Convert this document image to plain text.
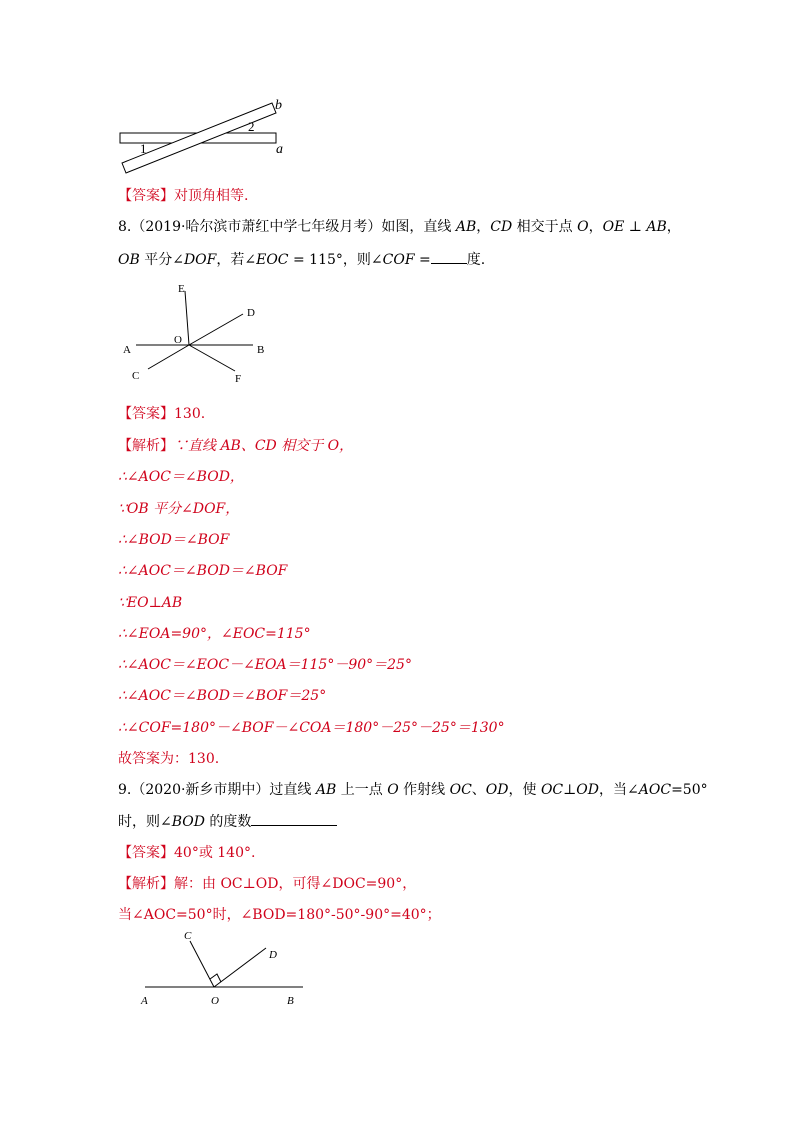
b
a
1
2
【答案】对顶角相等.
8.（2019·哈尔滨市萧红中学七年级月考）如图，直线 AB，CD 相交于点 O，OE ⊥ AB，
OB 平分∠DOF，若∠EOC = 115°，则∠COF =	度.
E
D
O
A	B
C	F
【答案】130.
【解析】∵直线 AB、CD 相交于 O，
∴∠AOC＝∠BOD，
∵OB 平分∠DOF，
∴∠BOD＝∠BOF
∴∠AOC＝∠BOD＝∠BOF
∵EO⊥AB
∴∠EOA=90°，∠EOC=115°
∴∠AOC＝∠EOC－∠EOA＝115°－90°＝25°
∴∠AOC＝∠BOD＝∠BOF＝25°
∴∠COF=180°－∠BOF－∠COA＝180°－25°－25°＝130°
故答案为：130.
9.（2020·新乡市期中）过直线 AB 上一点 O 作射线 OC、OD，使 OC⊥OD，当∠AOC=50°
时，则∠BOD 的度数
【答案】40°或 140°.
【解析】解：由 OC⊥OD，可得∠DOC=90°，
当∠AOC=50°时，∠BOD=180°-50°-90°=40°；
C
D
A	O	B
